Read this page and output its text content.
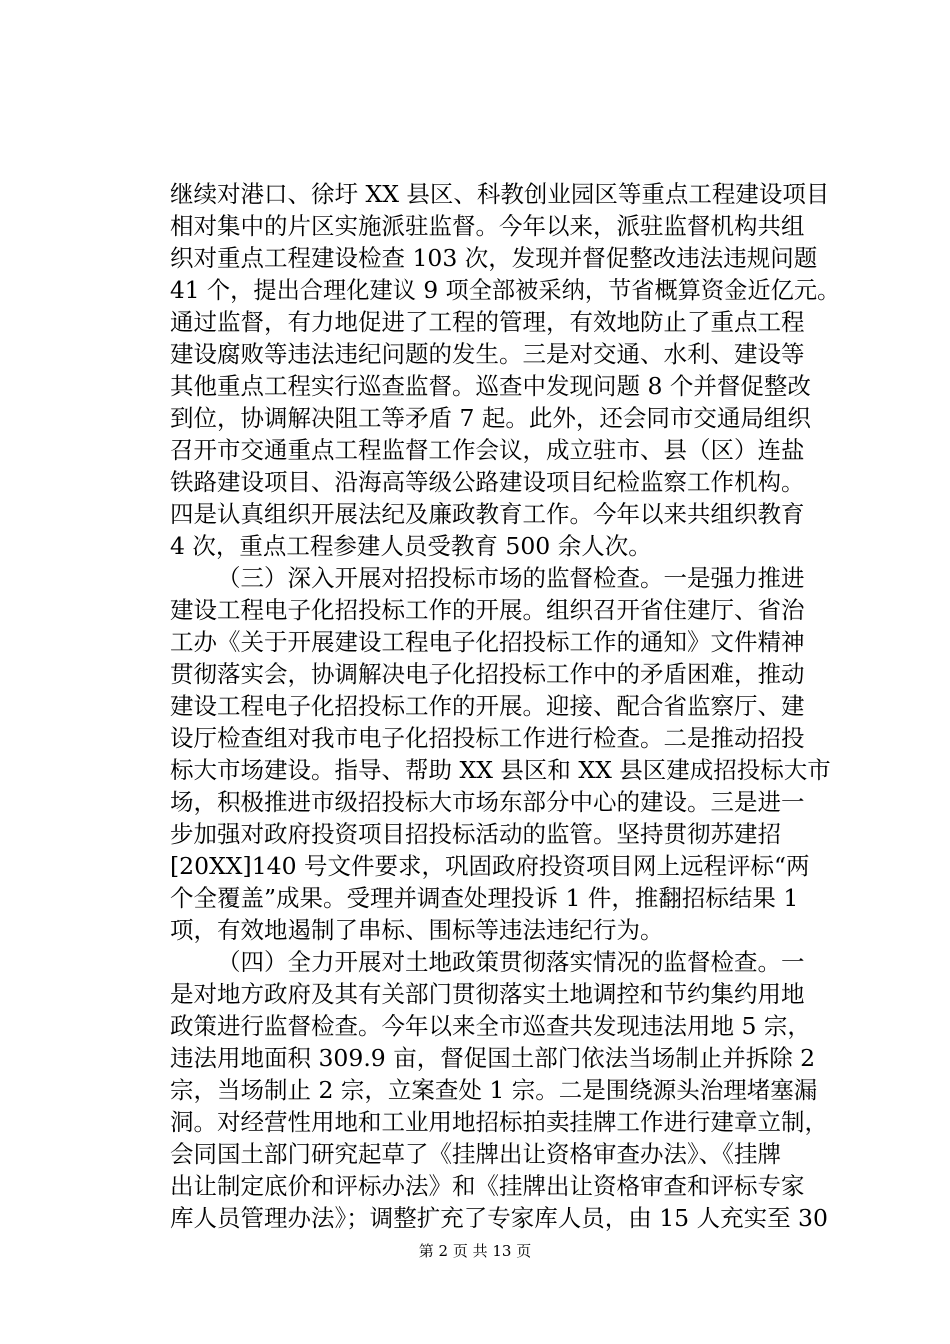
继续对港口、徐圩 XX 县区、科教创业园区等重点工程建设项目
相对集中的片区实施派驻监督。今年以来，派驻监督机构共组
织对重点工程建设检查 103 次，发现并督促整改违法违规问题
41 个，提出合理化建议 9 项全部被采纳，节省概算资金近亿元。
通过监督，有力地促进了工程的管理，有效地防止了重点工程
建设腐败等违法违纪问题的发生。三是对交通、水利、建设等
其他重点工程实行巡查监督。巡查中发现问题 8 个并督促整改
到位，协调解决阻工等矛盾 7 起。此外，还会同市交通局组织
召开市交通重点工程监督工作会议，成立驻市、县（区）连盐
铁路建设项目、沿海高等级公路建设项目纪检监察工作机构。
四是认真组织开展法纪及廉政教育工作。今年以来共组织教育
4 次，重点工程参建人员受教育 500 余人次。
（三）深入开展对招投标市场的监督检查。一是强力推进
建设工程电子化招投标工作的开展。组织召开省住建厅、省治
工办《关于开展建设工程电子化招投标工作的通知》文件精神
贯彻落实会，协调解决电子化招投标工作中的矛盾困难，推动
建设工程电子化招投标工作的开展。迎接、配合省监察厅、建
设厅检查组对我市电子化招投标工作进行检查。二是推动招投
标大市场建设。指导、帮助 XX 县区和 XX 县区建成招投标大市
场，积极推进市级招投标大市场东部分中心的建设。三是进一
步加强对政府投资项目招投标活动的监管。坚持贯彻苏建招
[20XX]140 号文件要求，巩固政府投资项目网上远程评标“两
个全覆盖”成果。受理并调查处理投诉 1 件，推翻招标结果 1
项，有效地遏制了串标、围标等违法违纪行为。
（四）全力开展对土地政策贯彻落实情况的监督检查。一
是对地方政府及其有关部门贯彻落实土地调控和节约集约用地
政策进行监督检查。今年以来全市巡查共发现违法用地 5 宗，
违法用地面积 309.9 亩，督促国土部门依法当场制止并拆除 2
宗，当场制止 2 宗，立案查处 1 宗。二是围绕源头治理堵塞漏
洞。对经营性用地和工业用地招标拍卖挂牌工作进行建章立制，
会同国土部门研究起草了《挂牌出让资格审查办法》、《挂牌
出让制定底价和评标办法》和《挂牌出让资格审查和评标专家
库人员管理办法》；调整扩充了专家库人员，由 15 人充实至 30
第 2 页 共 13 页
